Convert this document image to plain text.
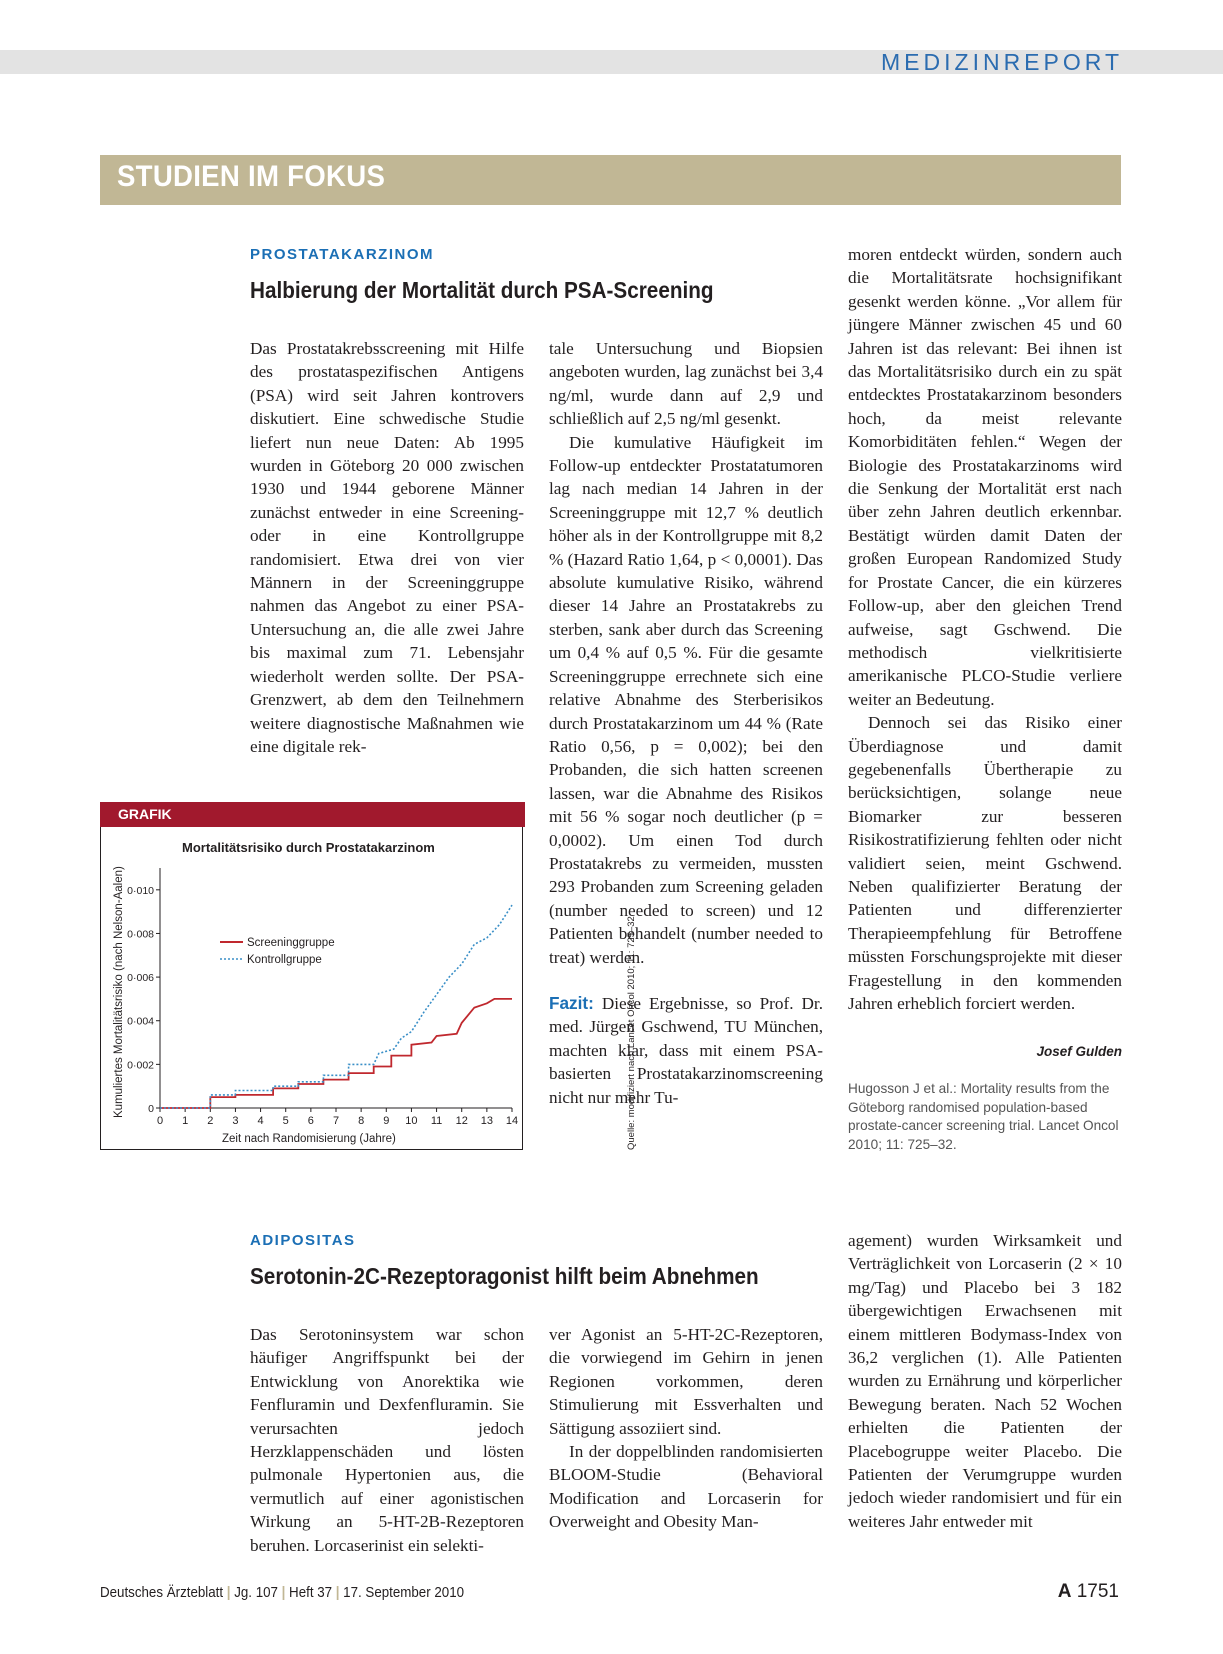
MEDIZINREPORT
STUDIEN IM FOKUS
PROSTATAKARZINOM
Halbierung der Mortalität durch PSA-Screening

Das Prostatakrebsscreening mit Hilfe des prostataspezifischen Antigens (PSA) wird seit Jahren kontrovers diskutiert. Eine schwedische Studie liefert nun neue Daten: Ab 1995 wurden in Göteborg 20 000 zwischen 1930 und 1944 geborene Männer zunächst entweder in eine Screening- oder in eine Kontrollgruppe randomisiert. Etwa drei von vier Männern in der Screeninggruppe nahmen das Angebot zu einer PSA-Untersuchung an, die alle zwei Jahre bis maximal zum 71. Lebensjahr wiederholt werden sollte. Der PSA-Grenzwert, ab dem den Teilnehmern weitere diagnostische Maßnahmen wie eine digitale rek-

tale Untersuchung und Biopsien angeboten wurden, lag zunächst bei 3,4 ng/ml, wurde dann auf 2,9 und schließlich auf 2,5 ng/ml gesenkt.

Die kumulative Häufigkeit im Follow-up entdeckter Prostatatumoren lag nach median 14 Jahren in der Screeninggruppe mit 12,7 % deutlich höher als in der Kontrollgruppe mit 8,2 % (Hazard Ratio 1,64, p < 0,0001). Das absolute kumulative Risiko, während dieser 14 Jahre an Prostatakrebs zu sterben, sank aber durch das Screening um 0,4 % auf 0,5 %. Für die gesamte Screeninggruppe errechnete sich eine relative Abnahme des Sterberisikos durch Prostatakarzinom um 44 % (Rate Ratio 0,56, p = 0,002); bei den Probanden, die sich hatten screenen lassen, war die Abnahme des Risikos mit 56 % sogar noch deutlicher (p = 0,0002). Um einen Tod durch Prostatakrebs zu vermeiden, mussten 293 Probanden zum Screening geladen (number needed to screen) und 12 Patienten behandelt (number needed to treat) werden.

Fazit: Diese Ergebnisse, so Prof. Dr. med. Jürgen Gschwend, TU München, machten klar, dass mit einem PSA-basierten Prostatakarzinomscreening nicht nur mehr Tu-

moren entdeckt würden, sondern auch die Mortalitätsrate hochsignifikant gesenkt werden könne. „Vor allem für jüngere Männer zwischen 45 und 60 Jahren ist das relevant: Bei ihnen ist das Mortalitätsrisiko durch ein zu spät entdecktes Prostatakarzinom besonders hoch, da meist relevante Komorbiditäten fehlen.“ Wegen der Biologie des Prostatakarzinoms wird die Senkung der Mortalität erst nach über zehn Jahren deutlich erkennbar. Bestätigt würden damit Daten der großen European Randomized Study for Prostate Cancer, die ein kürzeres Follow-up, aber den gleichen Trend aufweise, sagt Gschwend. Die methodisch vielkritisierte amerikanische PLCO-Studie verliere weiter an Bedeutung.

Dennoch sei das Risiko einer Überdiagnose und damit gegebenenfalls Übertherapie zu berücksichtigen, solange neue Biomarker zur besseren Risikostratifizierung fehlten oder nicht validiert seien, meint Gschwend. Neben qualifizierter Beratung der Patienten und differenzierter Therapieempfehlung für Betroffene müssten Forschungsprojekte mit dieser Fragestellung in den kommenden Jahren erheblich forciert werden.

Josef Gulden
Hugosson J et al.: Mortality results from the Göteborg randomised population-based prostate-cancer screening trial. Lancet Oncol 2010; 11: 725–32.
GRAFIK
Mortalitätsrisiko durch Prostatakarzinom
Kumuliertes Mortalitätsrisiko (nach Nelson-Aalen)
Zeit nach Randomisierung (Jahre)	Quelle: modifiziert nach Lancet Oncol 2010; 11: 725–32
0 1 2 3 4 5 6 7 8 9 10 11 12 13 14
0
0·002
0·004
0·006
0·008
0·010
Screeninggruppe
Kontrollgruppe
ADIPOSITAS
Serotonin-2C-Rezeptoragonist hilft beim Abnehmen

Das Serotoninsystem war schon häufiger Angriffspunkt bei der Entwicklung von Anorektika wie Fenfluramin und Dexfenfluramin. Sie verursachten jedoch Herzklappenschäden und lösten pulmonale Hypertonien aus, die vermutlich auf einer agonistischen Wirkung an 5-HT-2B-Rezeptoren beruhen. Lorcaserinist ein selekti-

ver Agonist an 5-HT-2C-Rezeptoren, die vorwiegend im Gehirn in jenen Regionen vorkommen, deren Stimulierung mit Essverhalten und Sättigung assoziiert sind.

In der doppelblinden randomisierten BLOOM-Studie (Behavioral Modification and Lorcaserin for Overweight and Obesity Man-

agement) wurden Wirksamkeit und Verträglichkeit von Lorcaserin (2 × 10 mg/Tag) und Placebo bei 3 182 übergewichtigen Erwachsenen mit einem mittleren Bodymass-Index von 36,2 verglichen (1). Alle Patienten wurden zu Ernährung und körperlicher Bewegung beraten. Nach 52 Wochen erhielten die Patienten der Placebogruppe weiter Placebo. Die Patienten der Verumgruppe wurden jedoch wieder randomisiert und für ein weiteres Jahr entweder mit

Deutsches Ärzteblatt | Jg. 107 | Heft 37 | 17. September 2010	A 1751
